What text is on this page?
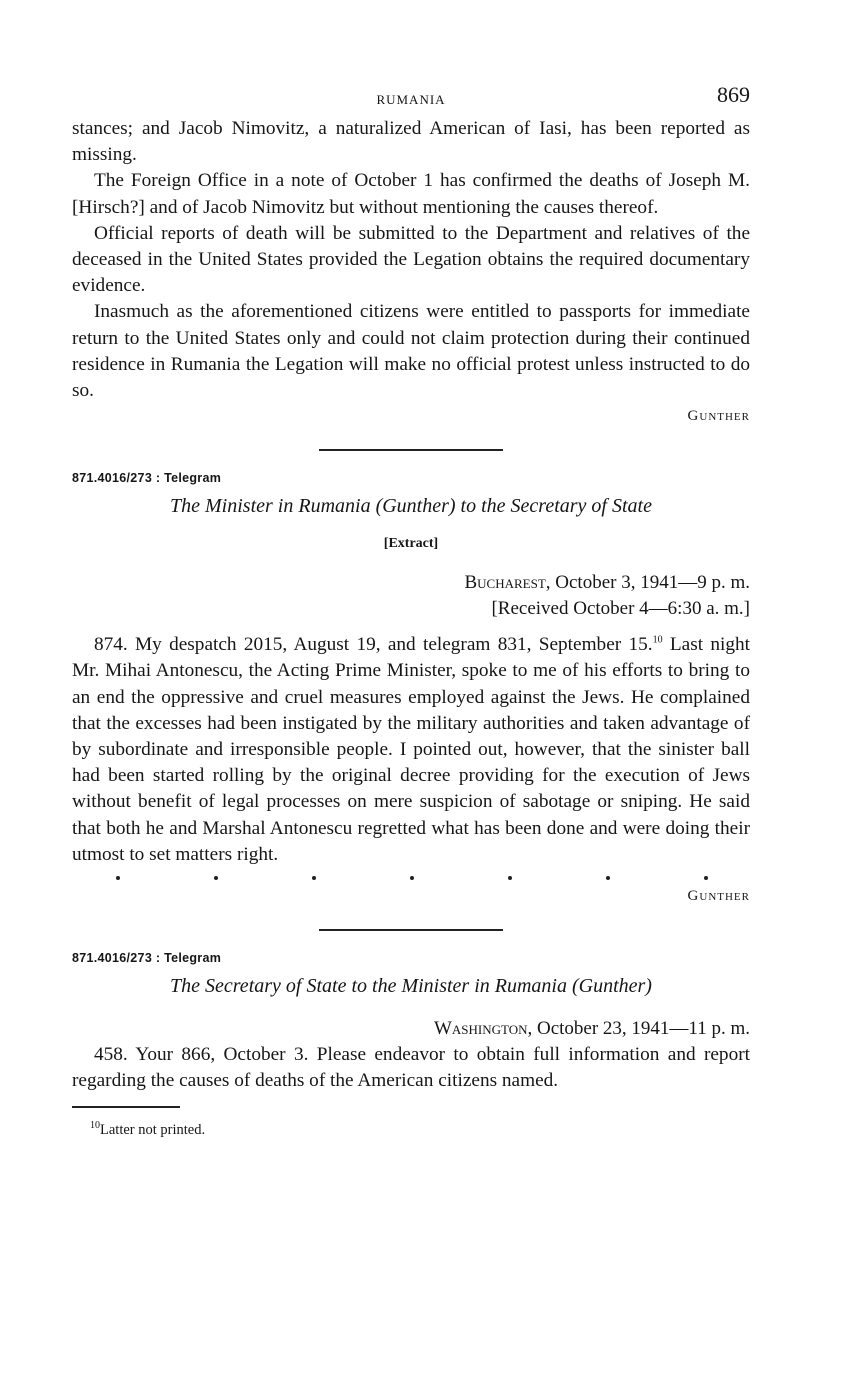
RUMANIA	869

stances; and Jacob Nimovitz, a naturalized American of Iasi, has been reported as missing.

The Foreign Office in a note of October 1 has confirmed the deaths of Joseph M. [Hirsch?] and of Jacob Nimovitz but without mentioning the causes thereof.

Official reports of death will be submitted to the Department and relatives of the deceased in the United States provided the Legation obtains the required documentary evidence.

Inasmuch as the aforementioned citizens were entitled to passports for immediate return to the United States only and could not claim protection during their continued residence in Rumania the Legation will make no official protest unless instructed to do so.

Gunther
871.4016/273 : Telegram
The Minister in Rumania (Gunther) to the Secretary of State
[Extract]
Bucharest, October 3, 1941—9 p. m.
[Received October 4—6:30 a. m.]

874. My despatch 2015, August 19, and telegram 831, September 15.10 Last night Mr. Mihai Antonescu, the Acting Prime Minister, spoke to me of his efforts to bring to an end the oppressive and cruel measures employed against the Jews. He complained that the excesses had been instigated by the military authorities and taken advantage of by subordinate and irresponsible people. I pointed out, however, that the sinister ball had been started rolling by the original decree providing for the execution of Jews without benefit of legal processes on mere suspicion of sabotage or sniping. He said that both he and Marshal Antonescu regretted what has been done and were doing their utmost to set matters right.

Gunther
871.4016/273 : Telegram
The Secretary of State to the Minister in Rumania (Gunther)
Washington, October 23, 1941—11 p. m.

458. Your 866, October 3. Please endeavor to obtain full information and report regarding the causes of deaths of the American citizens named.

$^{10}$Latter not printed.
